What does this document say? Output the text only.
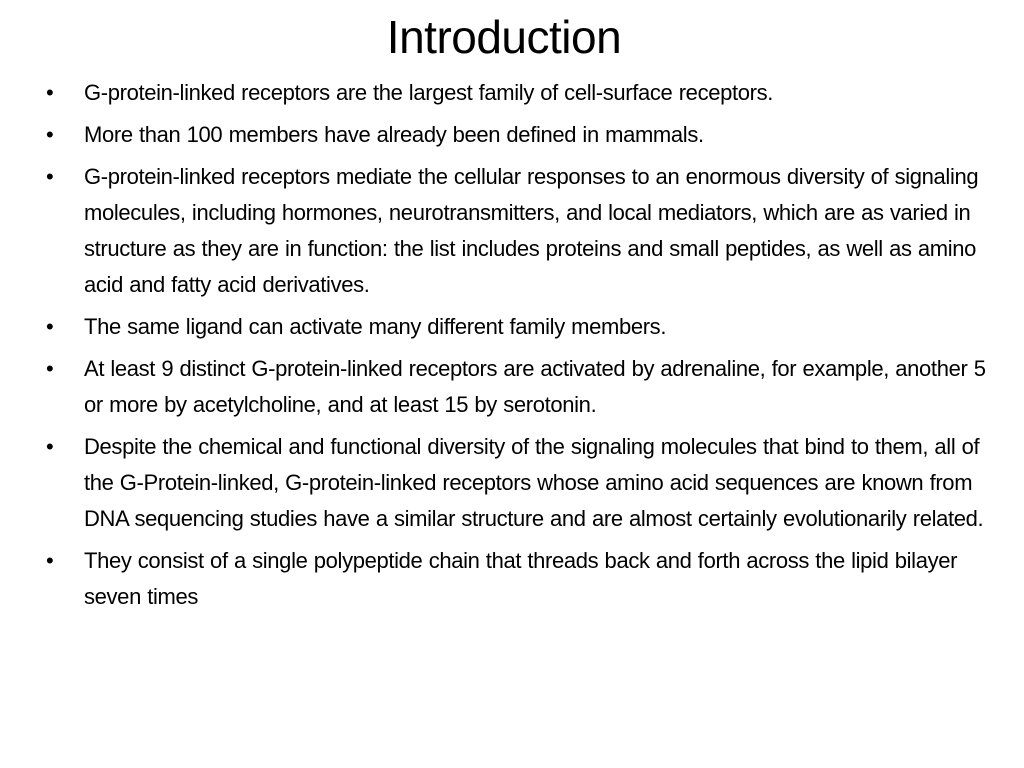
Introduction
•	G-protein-linked receptors are the largest family of cell-surface receptors.
•	More than 100 members have already been defined in mammals.
•	G-protein-linked receptors mediate the cellular responses to an enormous diversity of signaling molecules, including hormones, neurotransmitters, and local mediators, which are as varied in structure as they are in function: the list includes proteins and small peptides, as well as amino acid and fatty acid derivatives.
•	The same ligand can activate many different family members.
•	At least 9 distinct G-protein-linked receptors are activated by adrenaline, for example, another 5 or more by acetylcholine, and at least 15 by serotonin.
•	Despite the chemical and functional diversity of the signaling molecules that bind to them, all of the G-Protein-linked, G-protein-linked receptors whose amino acid sequences are known from DNA sequencing studies have a similar structure and are almost certainly evolutionarily related.
•	They consist of a single polypeptide chain that threads back and forth across the lipid bilayer seven times
